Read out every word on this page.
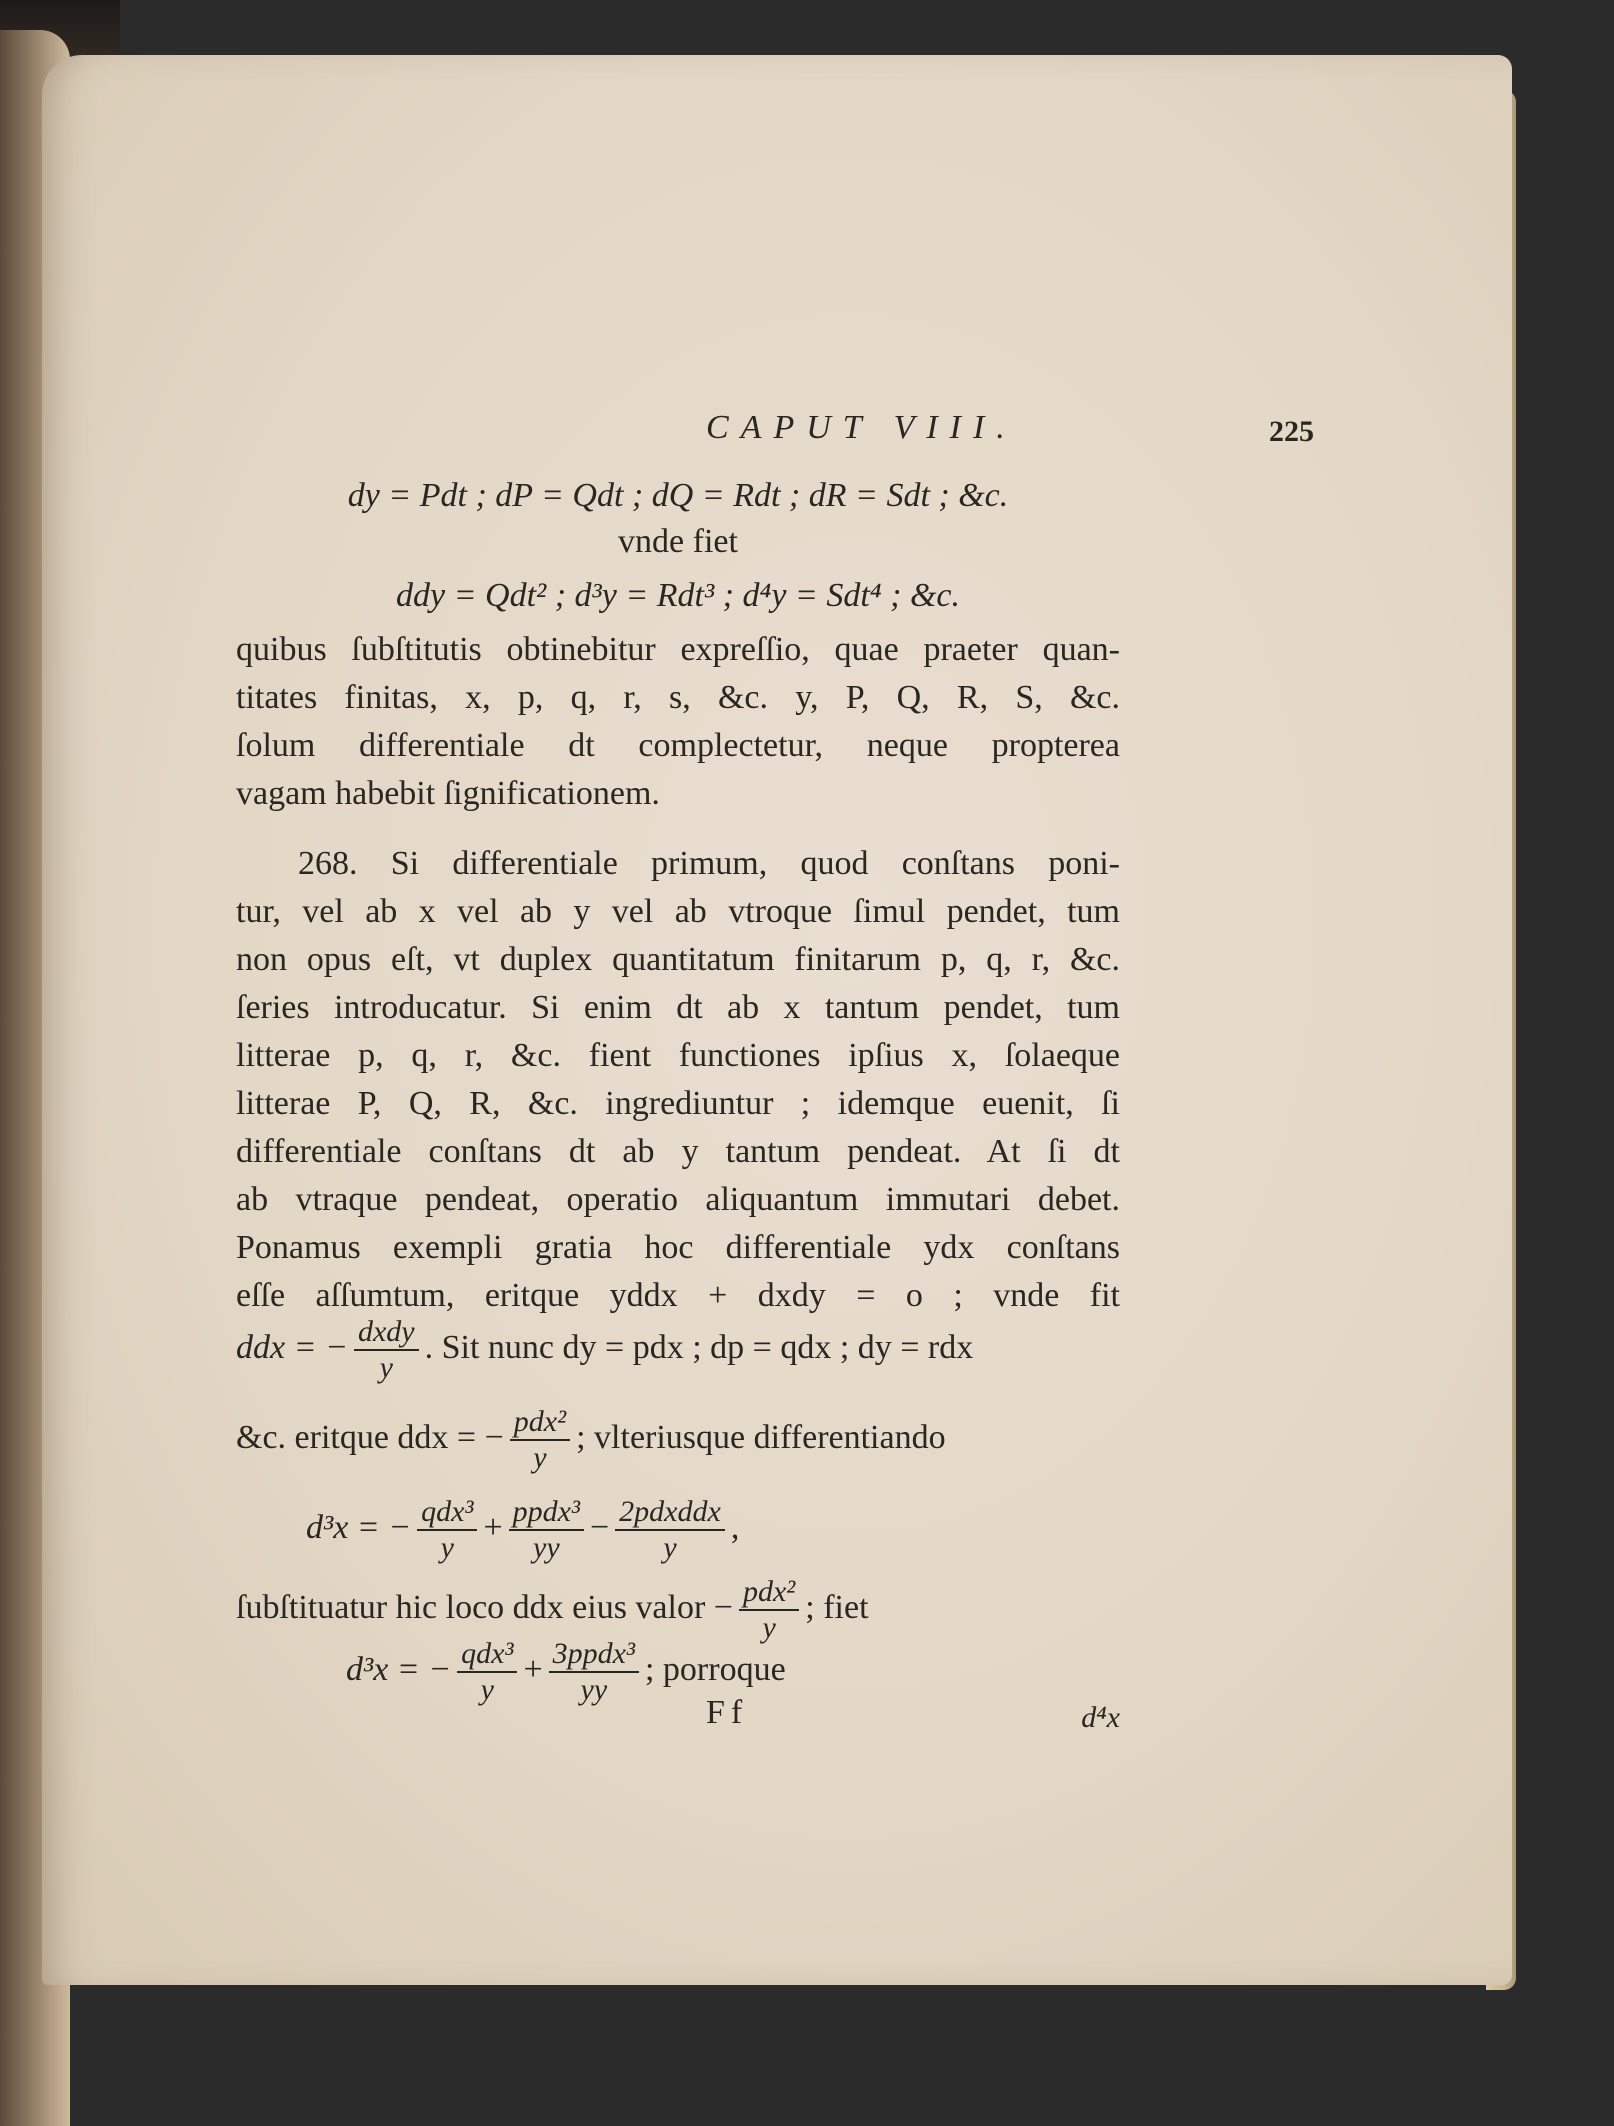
CAPUT VIII.	225
dy = Pdt ; dP = Qdt ; dQ = Rdt ; dR = Sdt ; &c.
vnde fiet
ddy = Qdt² ; d³y = Rdt³ ; d⁴y = Sdt⁴ ; &c.
quibus ſubſtitutis obtinebitur expreſſio, quae praeter quan-
titates finitas, x, p, q, r, s, &c. y, P, Q, R, S, &c.
ſolum differentiale dt complectetur, neque propterea
vagam habebit ſignificationem.
268. Si differentiale primum, quod conſtans poni-
tur, vel ab x vel ab y vel ab vtroque ſimul pendet, tum
non opus eſt, vt duplex quantitatum finitarum p, q, r, &c.
ſeries introducatur. Si enim dt ab x tantum pendet, tum
litterae p, q, r, &c. fient functiones ipſius x, ſolaeque
litterae P, Q, R, &c. ingrediuntur ; idemque euenit, ſi
differentiale conſtans dt ab y tantum pendeat. At ſi dt
ab vtraque pendeat, operatio aliquantum immutari debet.
Ponamus exempli gratia hoc differentiale ydx conſtans
eſſe aſſumtum, eritque yddx + dxdy = o ; vnde fit
ddx = − $\frac{\text{dxdy}}{y}$ . Sit nunc dy = pdx ; dp = qdx ; dy = rdx
&c. eritque ddx = − $\frac{\text{pdx²}}{y}$ ; vlteriusque differentiando
d³x = − $\frac{\text{qdx³}}{y} + \frac{\text{ppdx³}}{yy} - \frac{\text{2pdxddx}}{y}$ ,
ſubſtituatur hic loco ddx eius valor − $\frac{\text{pdx²}}{y}$ ; fiet
d³x = − $\frac{\text{qdx³}}{y} + \frac{\text{3ppdx³}}{yy}$ ; porroque
Ff	d⁴x
